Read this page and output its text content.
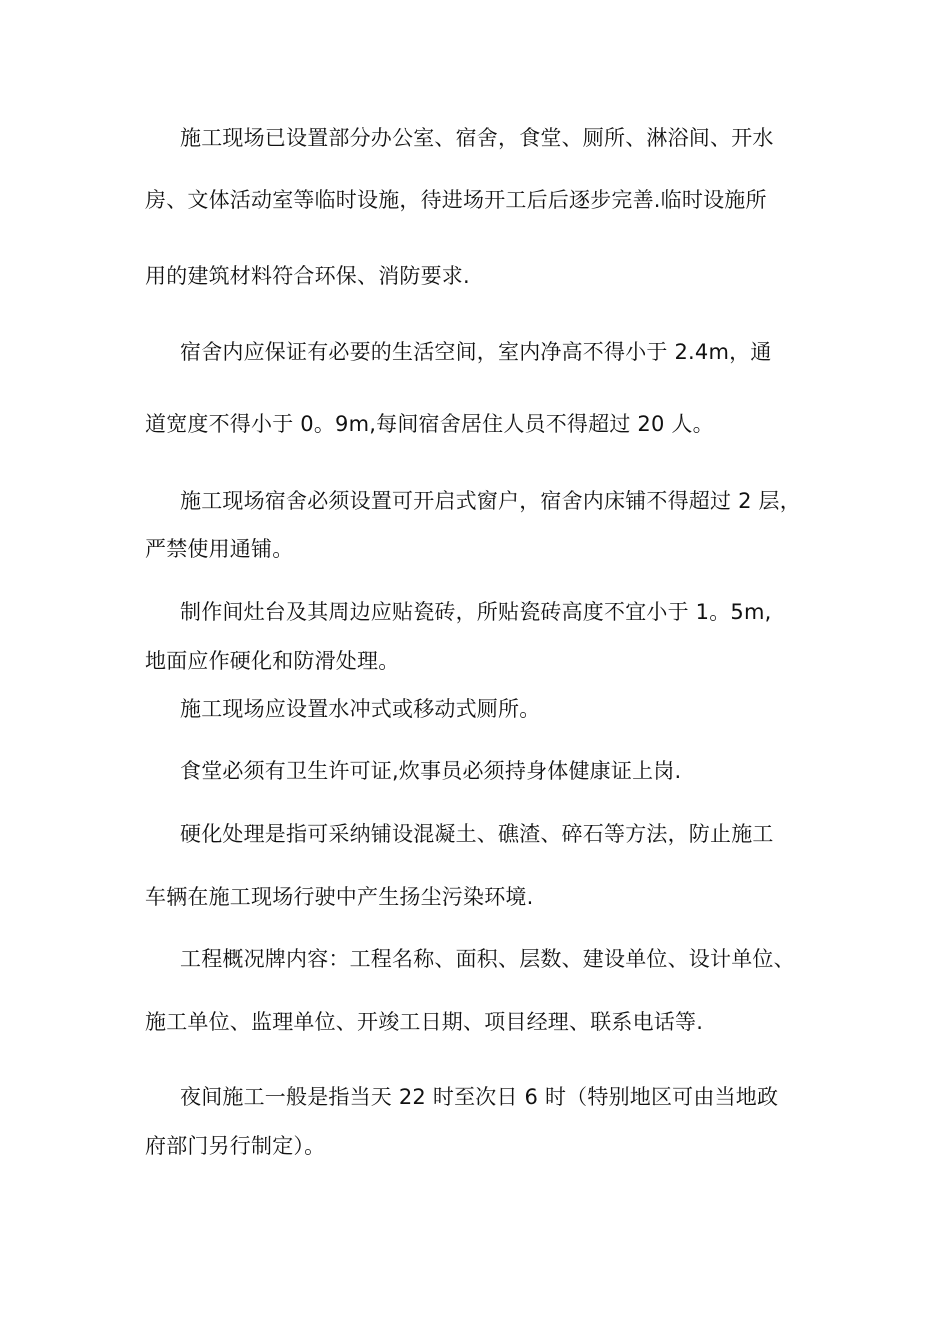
施工现场已设置部分办公室、宿舍，食堂、厕所、淋浴间、开水
房、文体活动室等临时设施，待进场开工后后逐步完善.临时设施所
用的建筑材料符合环保、消防要求.
宿舍内应保证有必要的生活空间，室内净高不得小于 2.4m，通
道宽度不得小于 0。9m,每间宿舍居住人员不得超过 20 人。
施工现场宿舍必须设置可开启式窗户，宿舍内床铺不得超过 2 层，
严禁使用通铺。
制作间灶台及其周边应贴瓷砖，所贴瓷砖高度不宜小于 1。5m,
地面应作硬化和防滑处理。
施工现场应设置水冲式或移动式厕所。
食堂必须有卫生许可证,炊事员必须持身体健康证上岗.
硬化处理是指可采纳铺设混凝土、礁渣、碎石等方法，防止施工
车辆在施工现场行驶中产生扬尘污染环境.
工程概况牌内容：工程名称、面积、层数、建设单位、设计单位、
施工单位、监理单位、开竣工日期、项目经理、联系电话等.
夜间施工一般是指当天 22 时至次日 6 时（特别地区可由当地政
府部门另行制定）。
